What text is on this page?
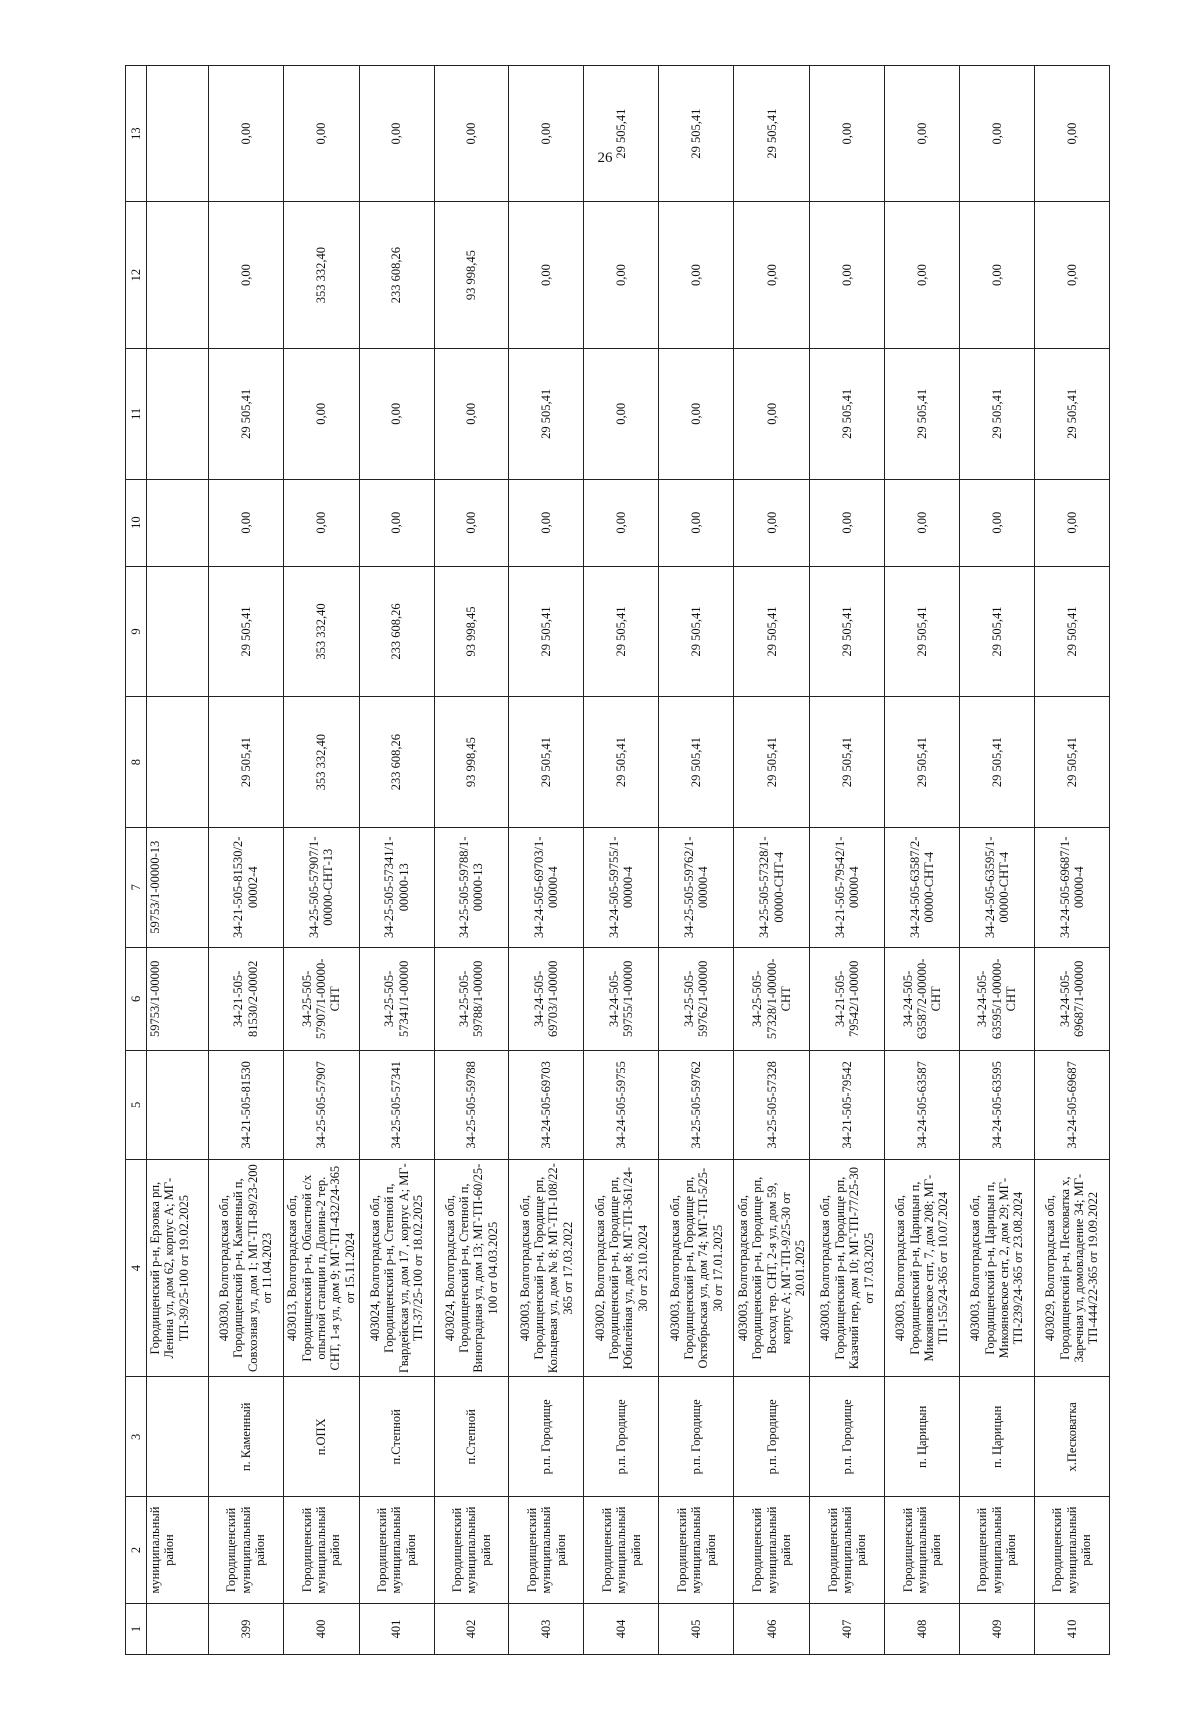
26
1	2	3	4	5	6	7	8	9	10	11	12	13
	муниципальный район		Городищенский р-н, Ерзовка рп, Ленина ул, дом 62, корпус А; МГ-ТП-39/25-100 от 19.02.2025		59753/1-00000	59753/1-00000-13						
399	Городищенский муниципальный район	п. Каменный	403030, Волгоградская обл, Городищенский р-н, Каменный п, Совхозная ул, дом 1; МГ-ТП-89/23-200 от 11.04.2023	34-21-505-81530	34-21-505-81530/2-00002	34-21-505-81530/2-00002-4	29 505,41	29 505,41	0,00	29 505,41	0,00	0,00
400	Городищенский муниципальный район	п.ОПХ	403013, Волгоградская обл, Городищенский р-н, Областной с/х опытной станции п, Долина-2 тер. СНТ, 1-я ул, дом 9; МГ-ТП-432/24-365 от 15.11.2024	34-25-505-57907	34-25-505-57907/1-00000-СНТ	34-25-505-57907/1-00000-СНТ-13	353 332,40	353 332,40	0,00	0,00	353 332,40	0,00
401	Городищенский муниципальный район	п.Степной	403024, Волгоградская обл, Городищенский р-н, Степной п, Гвардейская ул, дом 17 , корпус А; МГ-ТП-37/25-100 от 18.02.2025	34-25-505-57341	34-25-505-57341/1-00000	34-25-505-57341/1-00000-13	233 608,26	233 608,26	0,00	0,00	233 608,26	0,00
402	Городищенский муниципальный район	п.Степной	403024, Волгоградская обл, Городищенский р-н, Степной п, Виноградная ул, дом 13; МГ-ТП-60/25-100 от 04.03.2025	34-25-505-59788	34-25-505-59788/1-00000	34-25-505-59788/1-00000-13	93 998,45	93 998,45	0,00	0,00	93 998,45	0,00
403	Городищенский муниципальный район	р.п. Городище	403003, Волгоградская обл, Городищенский р-н, Городище рп, Кольцевая ул, дом № 8; МГ-ТП-108/22-365 от 17.03.2022	34-24-505-69703	34-24-505-69703/1-00000	34-24-505-69703/1-00000-4	29 505,41	29 505,41	0,00	29 505,41	0,00	0,00
404	Городищенский муниципальный район	р.п. Городище	403002, Волгоградская обл, Городищенский р-н, Городище рп, Юбилейная ул, дом 8; МГ-ТП-361/24-30 от 23.10.2024	34-24-505-59755	34-24-505-59755/1-00000	34-24-505-59755/1-00000-4	29 505,41	29 505,41	0,00	0,00	0,00	29 505,41
405	Городищенский муниципальный район	р.п. Городище	403003, Волгоградская обл, Городищенский р-н, Городище рп, Октябрьская ул, дом 74; МГ-ТП-5/25-30 от 17.01.2025	34-25-505-59762	34-25-505-59762/1-00000	34-25-505-59762/1-00000-4	29 505,41	29 505,41	0,00	0,00	0,00	29 505,41
406	Городищенский муниципальный район	р.п. Городище	403003, Волгоградская обл, Городищенский р-н, Городище рп, Восход тер. СНТ, 2-я ул, дом 59, корпус А; МГ-ТП-9/25-30 от 20.01.2025	34-25-505-57328	34-25-505-57328/1-00000-СНТ	34-25-505-57328/1-00000-СНТ-4	29 505,41	29 505,41	0,00	0,00	0,00	29 505,41
407	Городищенский муниципальный район	р.п. Городище	403003, Волгоградская обл, Городищенский р-н, Городище рп, Казачий пер, дом 10; МГ-ТП-77/25-30 от 17.03.2025	34-21-505-79542	34-21-505-79542/1-00000	34-21-505-79542/1-00000-4	29 505,41	29 505,41	0,00	29 505,41	0,00	0,00
408	Городищенский муниципальный район	п. Царицын	403003, Волгоградская обл, Городищенский р-н, Царицын п, Микояновское снт, 7, дом 208; МГ-ТП-155/24-365 от 10.07.2024	34-24-505-63587	34-24-505-63587/2-00000-СНТ	34-24-505-63587/2-00000-СНТ-4	29 505,41	29 505,41	0,00	29 505,41	0,00	0,00
409	Городищенский муниципальный район	п. Царицын	403003, Волгоградская обл, Городищенский р-н, Царицын п, Микояновское снт, 2, дом 29; МГ-ТП-239/24-365 от 23.08.2024	34-24-505-63595	34-24-505-63595/1-00000-СНТ	34-24-505-63595/1-00000-СНТ-4	29 505,41	29 505,41	0,00	29 505,41	0,00	0,00
410	Городищенский муниципальный район	х.Песковатка	403029, Волгоградская обл, Городищенский р-н, Песковатка х, Заречная ул, домовладение 34; МГ-ТП-444/22-365 от 19.09.2022	34-24-505-69687	34-24-505-69687/1-00000	34-24-505-69687/1-00000-4	29 505,41	29 505,41	0,00	29 505,41	0,00	0,00
